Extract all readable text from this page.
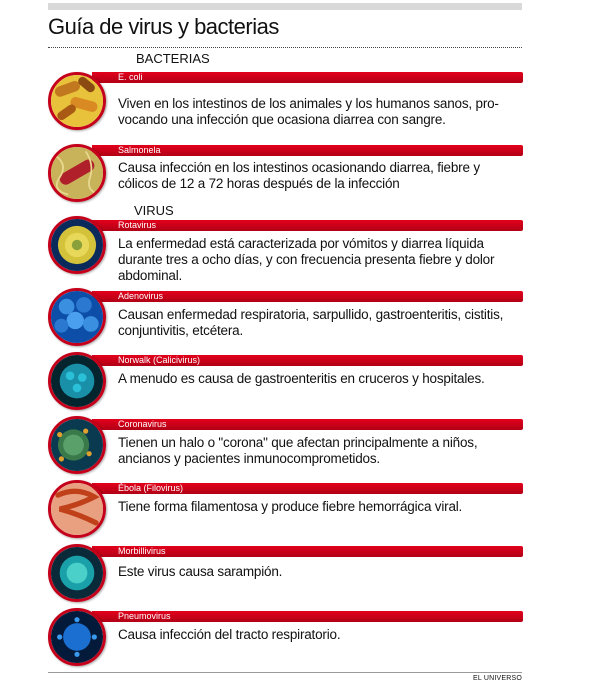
Guía de virus y bacterias
BACTERIAS
E. coli
Viven en los intestinos de los animales y los humanos sanos, pro-vocando una infección que ocasiona diarrea con sangre.
Salmonela
Causa infección en los intestinos ocasionando diarrea, fiebre y cólicos de 12 a 72 horas después de la infección
VIRUS
Rotavirus
La enfermedad está caracterizada por vómitos y diarrea líquida durante tres a ocho días, y con frecuencia presenta fiebre y dolor abdominal.
Adenovirus
Causan enfermedad respiratoria, sarpullido, gastroenteritis, cistitis, conjuntivitis, etcétera.
Norwalk (Calicivirus)
A menudo es causa de gastroenteritis en cruceros y hospitales.
Coronavirus
Tienen un halo o "corona" que afectan principalmente a niños, ancianos y pacientes inmunocomprometidos.
Ébola (Filovirus)
Tiene forma filamentosa y produce fiebre hemorrágica viral.
Morbillivirus
Este virus causa sarampión.
Pneumovirus
Causa infección del tracto respiratorio.
EL UNIVERSO
